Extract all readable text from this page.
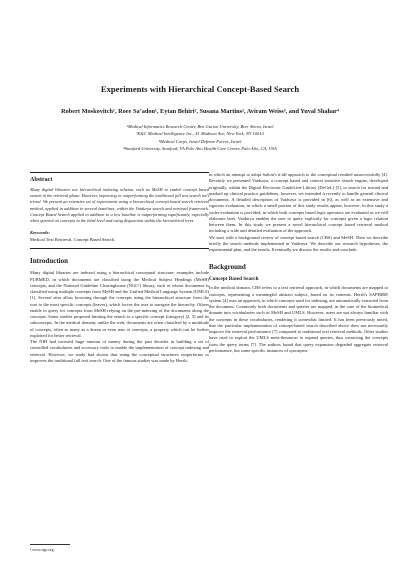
Experiments with Hierarchical Concept-Based Search
Robert Moskovitch¹, Roee Sa’adon¹, Eytan Behiri¹, Susana Martins², Aviram Weiss³, and Yuval Shahar⁴
¹Medical Informatics Research Center, Ben Gurion University, Beer Sheva, Israel
²E&C Medical Intelligence Inc., 41 Madison Ave, New York, NY 10010
³Medical Corps, Israel Defense Forces, Israel
⁴Stanford University, Stanford, VA Palo Alto Health Care Center, Palo Alto, CA, USA
Abstract

Many digital libraries use hierarchical indexing schema, such as MeSH to enable concept based search in the retrieval phase. However, improving or outperforming the traditional full text search isn't trivial. We present an extensive set of experiments using a hierarchical concept based search retrieval method, applied in addition to several baselines, within the Vaidurya search and retrieval framework. Concept Based Search applied in addition to a low baseline is outperforming significantly, especially when queried on concepts in the third level and using disjunction within the hierarchical trees.

Keywords:

Medical Text Retrieval, Concept Based Search.

Introduction

Many digital libraries are indexed using a hierarchical conceptual structure; examples include PUBMED, in which documents are classified using the Medical Subject Headings (MeSH) concepts, and the National Guideline Clearinghouse (NGC¹) library, each of whose documents is classified using multiple concepts from MeSH and the Unified Medical Language System (UMLS) [1]. Several sites allow browsing through the concepts using the hierarchical structure from the root to the most specific concepts (leaves), which forces the user to navigate the hierarchy. Others enable to query for concepts from MeSH relying on the pre-indexing of the documents along the concepts. Some studies proposed limiting the search to a specific concept (category) [2, 3] and its subconcepts. In the medical domain, unlike the web, documents are often classified by a multitude of concepts, often as many as a dozen or even tens of concepts, a property which can be further exploited for better retrieval.

The NIH had invested huge amount of money during the past decades in building a set of controlled vocabularies and accessory tools to enable the implementation of concept indexing and retrieval. However, we study had shown that using the conceptual structures outperforms or improves the traditional full text search. One of the famous studies was made by Hersh,

in which an attempt to adopt Salton's tf.idf approach to the conceptual resulted unsuccessfully [4]. Recently we presented Vaidurya, a concept based and context sensitive search engine, developed originally, within the Digital Electronic GuideLine Library (DeGeL) [5], to search for textual and marked up clinical practice guidelines, however, we extended it recently to handle general clinical documents. A detailed description of Vaidurya is provided in [6], as well as an extensive and rigorous evaluation, in which a small portion of this study results appear, however, in this study a wider evaluation is provided, in which both concepts based logic operators are evaluated as we will elaborate later. Vaidurya enables the user to query explicitly for concepts given a logic relation between them. In this study we present a novel hierarchical concept based retrieval method including a wide and detailed evaluation of the approach.

We start with a background review of concept based search (CBS) and MeSH. Then we describe briefly the search methods implemented in Vaidurya. We describe our research hypotheses, the experimental plan, and the results. Eventually we discuss the results and conclude.

Background
Concept Based Search

In the medical domain, CBS refers to a text retrieval approach, in which documents are mapped to concepts, representing a meaningful abstract subject, based on its contents. Hersh's SAPHIRE system [4] uses an approach, in which concepts used for indexing, are automatically extracted from the document. Commonly both documents and queries are mapped, in the case of the biomedical domain into vocabularies such as MeSH and UMLS. However, users are not always familiar with the concepts in these vocabularies, rendering it somewhat limited. It has been previously noted, that the particular implementation of concept-based search described above does not necessarily improve the retrieval performance [7] compared to traditional text retrieval methods. Other studies have tried to exploit the UMLS meta-thesaurus to expand queries, thus extracting the concepts from the query terms [7]. The authors found that query expansion degraded aggregate retrieval performance, but some specific instances of synonyms

¹ www.ngc.org
